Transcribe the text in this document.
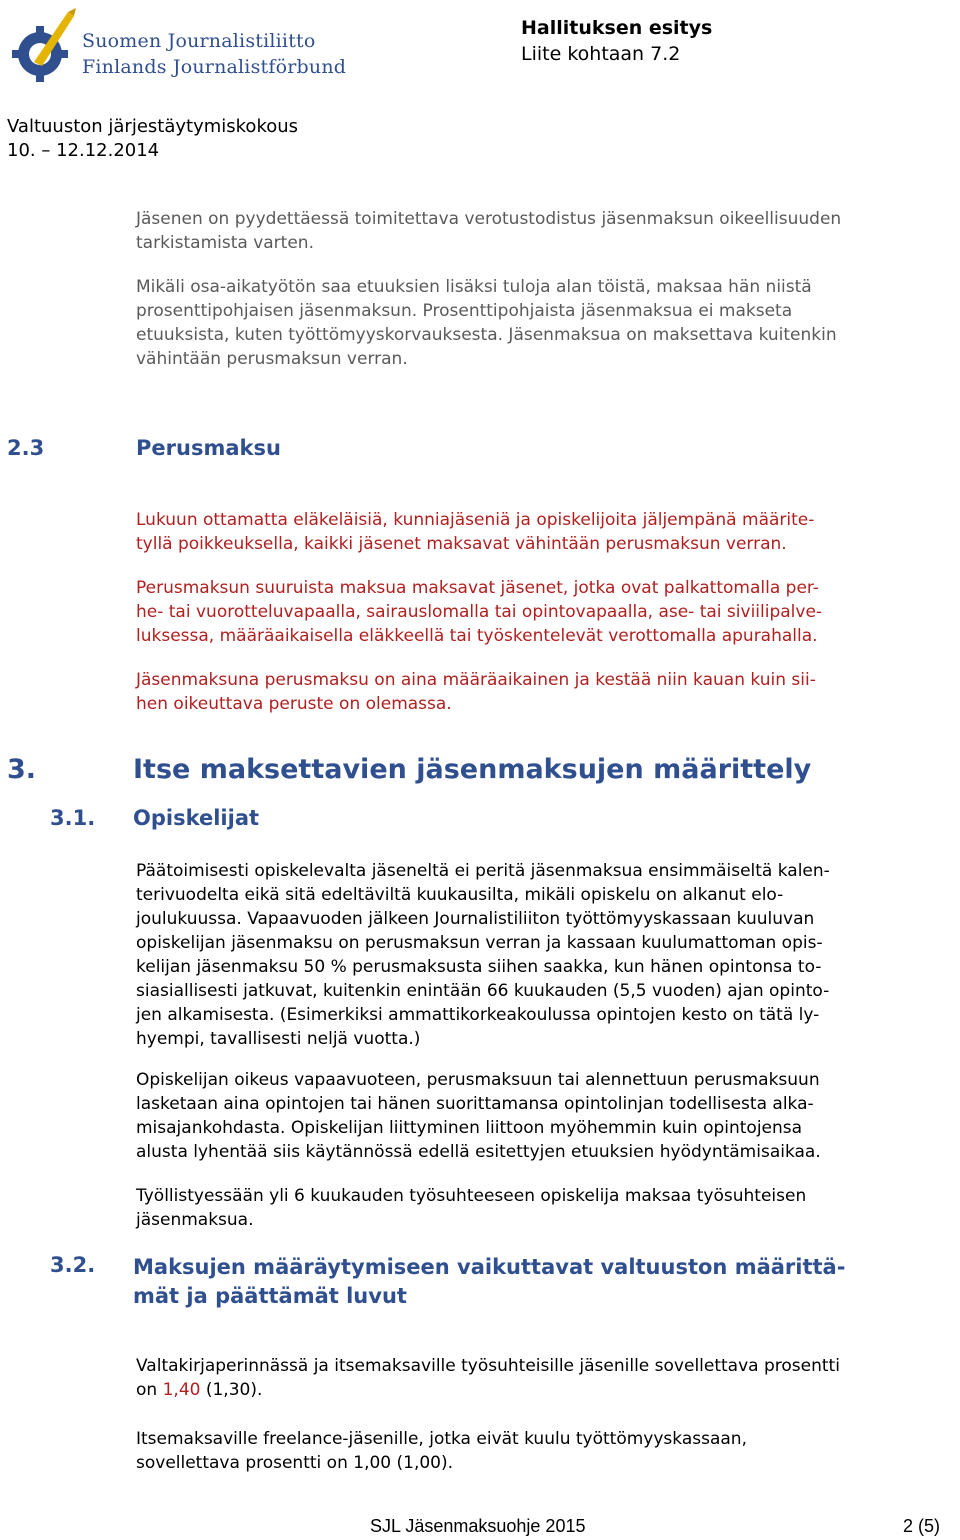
Suomen Journalistiliitto
Finlands Journalistförbund
Hallituksen esitys
Liite kohtaan 7.2
Valtuuston järjestäytymiskokous
10. – 12.12.2014
Jäsenen on pyydettäessä toimitettava verotustodistus jäsenmaksun oikeellisuuden
tarkistamista varten.
Mikäli osa-aikatyötön saa etuuksien lisäksi tuloja alan töistä, maksaa hän niistä
prosenttipohjaisen jäsenmaksun. Prosenttipohjaista jäsenmaksua ei makseta
etuuksista, kuten työttömyyskorvauksesta. Jäsenmaksua on maksettava kuitenkin
vähintään perusmaksun verran.
2.3	Perusmaksu
Lukuun ottamatta eläkeläisiä, kunniajäseniä ja opiskelijoita jäljempänä määrite-
tyllä poikkeuksella, kaikki jäsenet maksavat vähintään perusmaksun verran.
Perusmaksun suuruista maksua maksavat jäsenet, jotka ovat palkattomalla per-
he- tai vuorotteluvapaalla, sairauslomalla tai opintovapaalla, ase- tai siviilipalve-
luksessa, määräaikaisella eläkkeellä tai työskentelevät verottomalla apurahalla.
Jäsenmaksuna perusmaksu on aina määräaikainen ja kestää niin kauan kuin sii-
hen oikeuttava peruste on olemassa.
3.	Itse maksettavien jäsenmaksujen määrittely
3.1. Opiskelijat
Päätoimisesti opiskelevalta jäseneltä ei peritä jäsenmaksua ensimmäiseltä kalen-
terivuodelta eikä sitä edeltäviltä kuukausilta, mikäli opiskelu on alkanut elo-
joulukuussa. Vapaavuoden jälkeen Journalistiliiton työttömyyskassaan kuuluvan
opiskelijan jäsenmaksu on perusmaksun verran ja kassaan kuulumattoman opis-
kelijan jäsenmaksu 50 % perusmaksusta siihen saakka, kun hänen opintonsa to-
siasiallisesti jatkuvat, kuitenkin enintään 66 kuukauden (5,5 vuoden) ajan opinto-
jen alkamisesta. (Esimerkiksi ammattikorkeakoulussa opintojen kesto on tätä ly-
hyempi, tavallisesti neljä vuotta.)
Opiskelijan oikeus vapaavuoteen, perusmaksuun tai alennettuun perusmaksuun
lasketaan aina opintojen tai hänen suorittamansa opintolinjan todellisesta alka-
misajankohdasta. Opiskelijan liittyminen liittoon myöhemmin kuin opintojensa
alusta lyhentää siis käytännössä edellä esitettyjen etuuksien hyödyntämisaikaa.
Työllistyessään yli 6 kuukauden työsuhteeseen opiskelija maksaa työsuhteisen
jäsenmaksua.
3.2. Maksujen määräytymiseen vaikuttavat valtuuston määrittä-
mät ja päättämät luvut
Valtakirjaperinnässä ja itsemaksaville työsuhteisille jäsenille sovellettava prosentti
on 1,40 (1,30).
Itsemaksaville freelance-jäsenille, jotka eivät kuulu työttömyyskassaan,
sovellettava prosentti on 1,00 (1,00).
SJL Jäsenmaksuohje 2015	2 (5)
